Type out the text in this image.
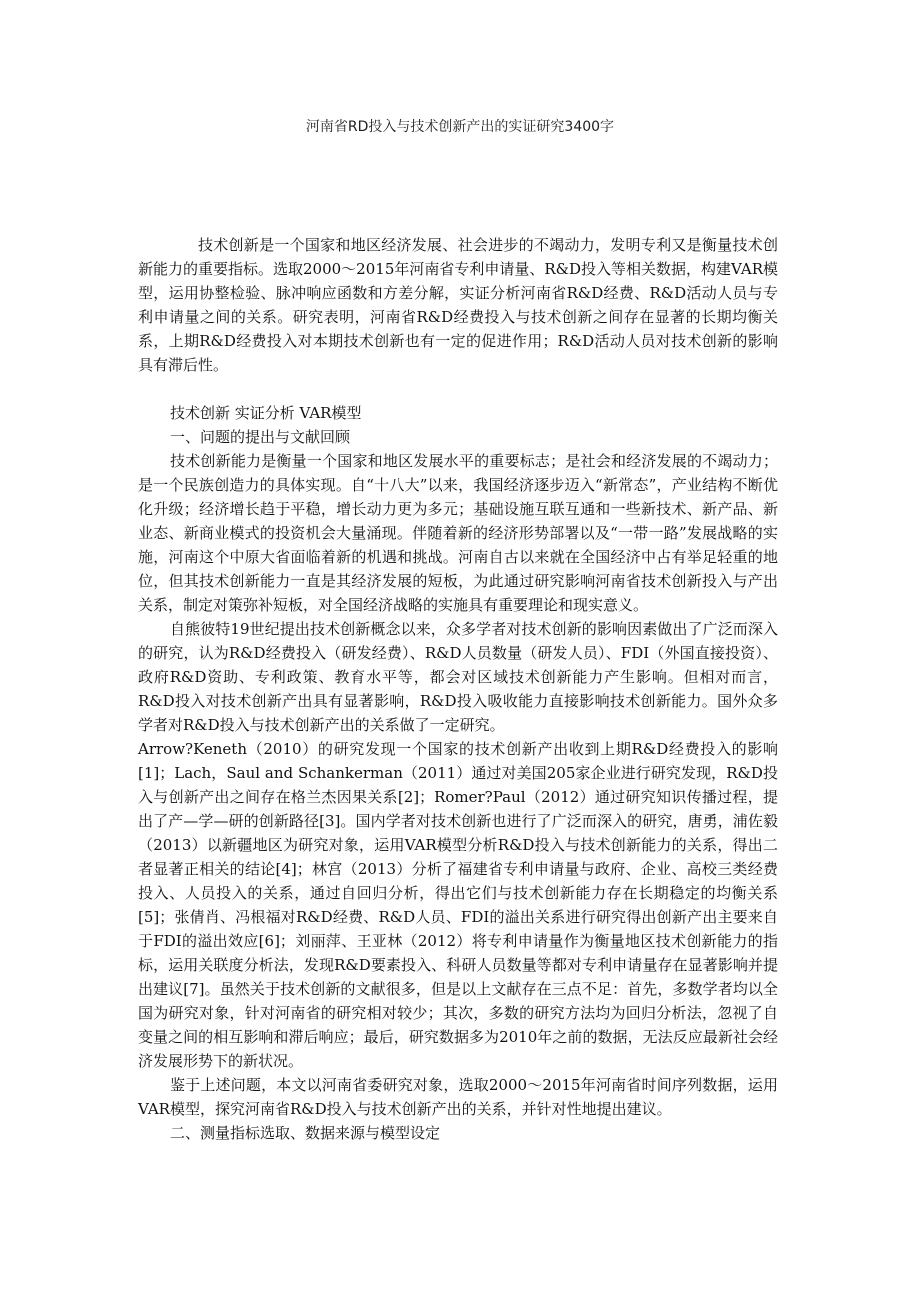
河南省RD投入与技术创新产出的实证研究3400字
技术创新是一个国家和地区经济发展、社会进步的不竭动力，发明专利又是衡量技术创新能力的重要指标。选取2000～2015年河南省专利申请量、R&D投入等相关数据，构建VAR模型，运用协整检验、脉冲响应函数和方差分解，实证分析河南省R&D经费、R&D活动人员与专利申请量之间的关系。研究表明，河南省R&D经费投入与技术创新之间存在显著的长期均衡关系，上期R&D经费投入对本期技术创新也有一定的促进作用；R&D活动人员对技术创新的影响具有滞后性。

技术创新 实证分析 VAR模型

一、问题的提出与文献回顾

技术创新能力是衡量一个国家和地区发展水平的重要标志；是社会和经济发展的不竭动力；是一个民族创造力的具体实现。自“十八大”以来，我国经济逐步迈入“新常态”，产业结构不断优化升级；经济增长趋于平稳，增长动力更为多元；基础设施互联互通和一些新技术、新产品、新业态、新商业模式的投资机会大量涌现。伴随着新的经济形势部署以及“一带一路”发展战略的实施，河南这个中原大省面临着新的机遇和挑战。河南自古以来就在全国经济中占有举足轻重的地位，但其技术创新能力一直是其经济发展的短板，为此通过研究影响河南省技术创新投入与产出关系，制定对策弥补短板，对全国经济战略的实施具有重要理论和现实意义。

自熊彼特19世纪提出技术创新概念以来，众多学者对技术创新的影响因素做出了广泛而深入的研究，认为R&D经费投入（研发经费）、R&D人员数量（研发人员）、FDI（外国直接投资）、政府R&D资助、专利政策、教育水平等，都会对区域技术创新能力产生影响。但相对而言，R&D投入对技术创新产出具有显著影响，R&D投入吸收能力直接影响技术创新能力。国外众多学者对R&D投入与技术创新产出的关系做了一定研究。

Arrow?Keneth（2010）的研究发现一个国家的技术创新产出收到上期R&D经费投入的影响[1]；Lach，Saul and Schankerman（2011）通过对美国205家企业进行研究发现，R&D投入与创新产出之间存在格兰杰因果关系[2]；Romer?Paul（2012）通过研究知识传播过程，提出了产—学—研的创新路径[3]。国内学者对技术创新也进行了广泛而深入的研究，唐勇，浦佐毅（2013）以新疆地区为研究对象，运用VAR模型分析R&D投入与技术创新能力的关系，得出二者显著正相关的结论[4]；林宫（2013）分析了福建省专利申请量与政府、企业、高校三类经费投入、人员投入的关系，通过自回归分析，得出它们与技术创新能力存在长期稳定的均衡关系[5]；张倩肖、冯根福对R&D经费、R&D人员、FDI的溢出关系进行研究得出创新产出主要来自于FDI的溢出效应[6]；刘丽萍、王亚林（2012）将专利申请量作为衡量地区技术创新能力的指标，运用关联度分析法，发现R&D要素投入、科研人员数量等都对专利申请量存在显著影响并提出建议[7]。虽然关于技术创新的文献很多，但是以上文献存在三点不足：首先，多数学者均以全国为研究对象，针对河南省的研究相对较少；其次，多数的研究方法均为回归分析法，忽视了自变量之间的相互影响和滞后响应；最后，研究数据多为2010年之前的数据，无法反应最新社会经济发展形势下的新状况。

鉴于上述问题，本文以河南省委研究对象，选取2000～2015年河南省时间序列数据，运用VAR模型，探究河南省R&D投入与技术创新产出的关系，并针对性地提出建议。

二、测量指标选取、数据来源与模型设定
